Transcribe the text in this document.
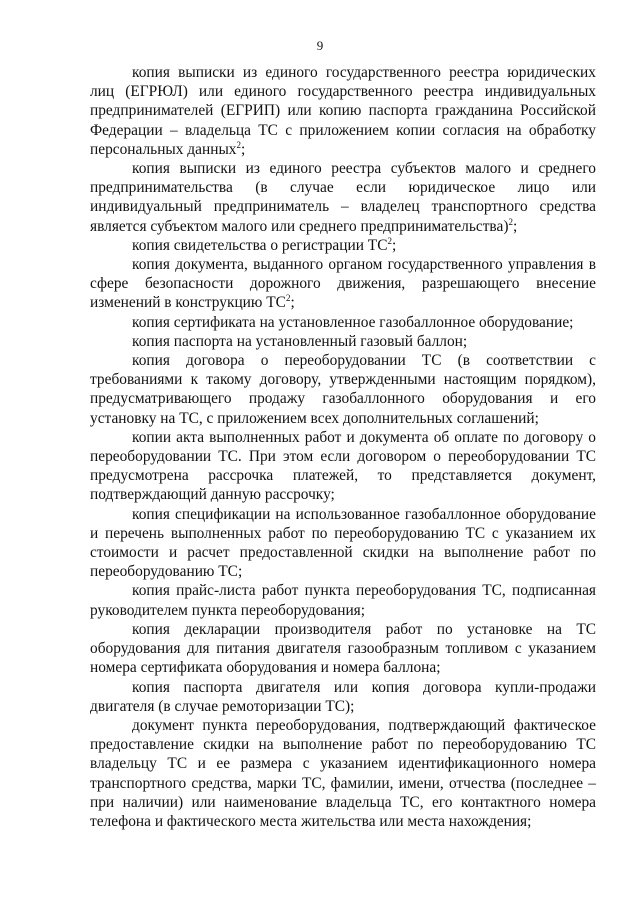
9

копия выписки из единого государственного реестра юридических лиц (ЕГРЮЛ) или единого государственного реестра индивидуальных предпринимателей (ЕГРИП) или копию паспорта гражданина Российской Федерации – владельца ТС с приложением копии согласия на обработку персональных данных$^2$;

копия выписки из единого реестра субъектов малого и среднего предпринимательства (в случае если юридическое лицо или индивидуальный предприниматель – владелец транспортного средства является субъектом малого или среднего предпринимательства)$^2$;

копия свидетельства о регистрации $ТС^2$;

копия документа, выданного органом государственного управления в сфере безопасности дорожного движения, разрешающего внесение изменений в конструкцию $ТС^2$;

копия сертификата на установленное газобаллонное оборудование;

копия паспорта на установленный газовый баллон;

копия договора о переоборудовании ТС (в соответствии с требованиями к такому договору, утвержденными настоящим порядком), предусматривающего продажу газобаллонного оборудования и его установку на ТС, с приложением всех дополнительных соглашений;

копии акта выполненных работ и документа об оплате по договору о переоборудовании ТС. При этом если договором о переоборудовании ТС предусмотрена рассрочка платежей, то представляется документ, подтверждающий данную рассрочку;

копия спецификации на использованное газобаллонное оборудование и перечень выполненных работ по переоборудованию ТС с указанием их стоимости и расчет предоставленной скидки на выполнение работ по переоборудованию ТС;

копия прайс-листа работ пункта переоборудования ТС, подписанная руководителем пункта переоборудования;

копия декларации производителя работ по установке на ТС оборудования для питания двигателя газообразным топливом с указанием номера сертификата оборудования и номера баллона;

копия паспорта двигателя или копия договора купли-продажи двигателя (в случае ремоторизации ТС);

документ пункта переоборудования, подтверждающий фактическое предоставление скидки на выполнение работ по переоборудованию ТС владельцу ТС и ее размера с указанием идентификационного номера транспортного средства, марки ТС, фамилии, имени, отчества (последнее – при наличии) или наименование владельца ТС, его контактного номера телефона и фактического места жительства или места нахождения;
